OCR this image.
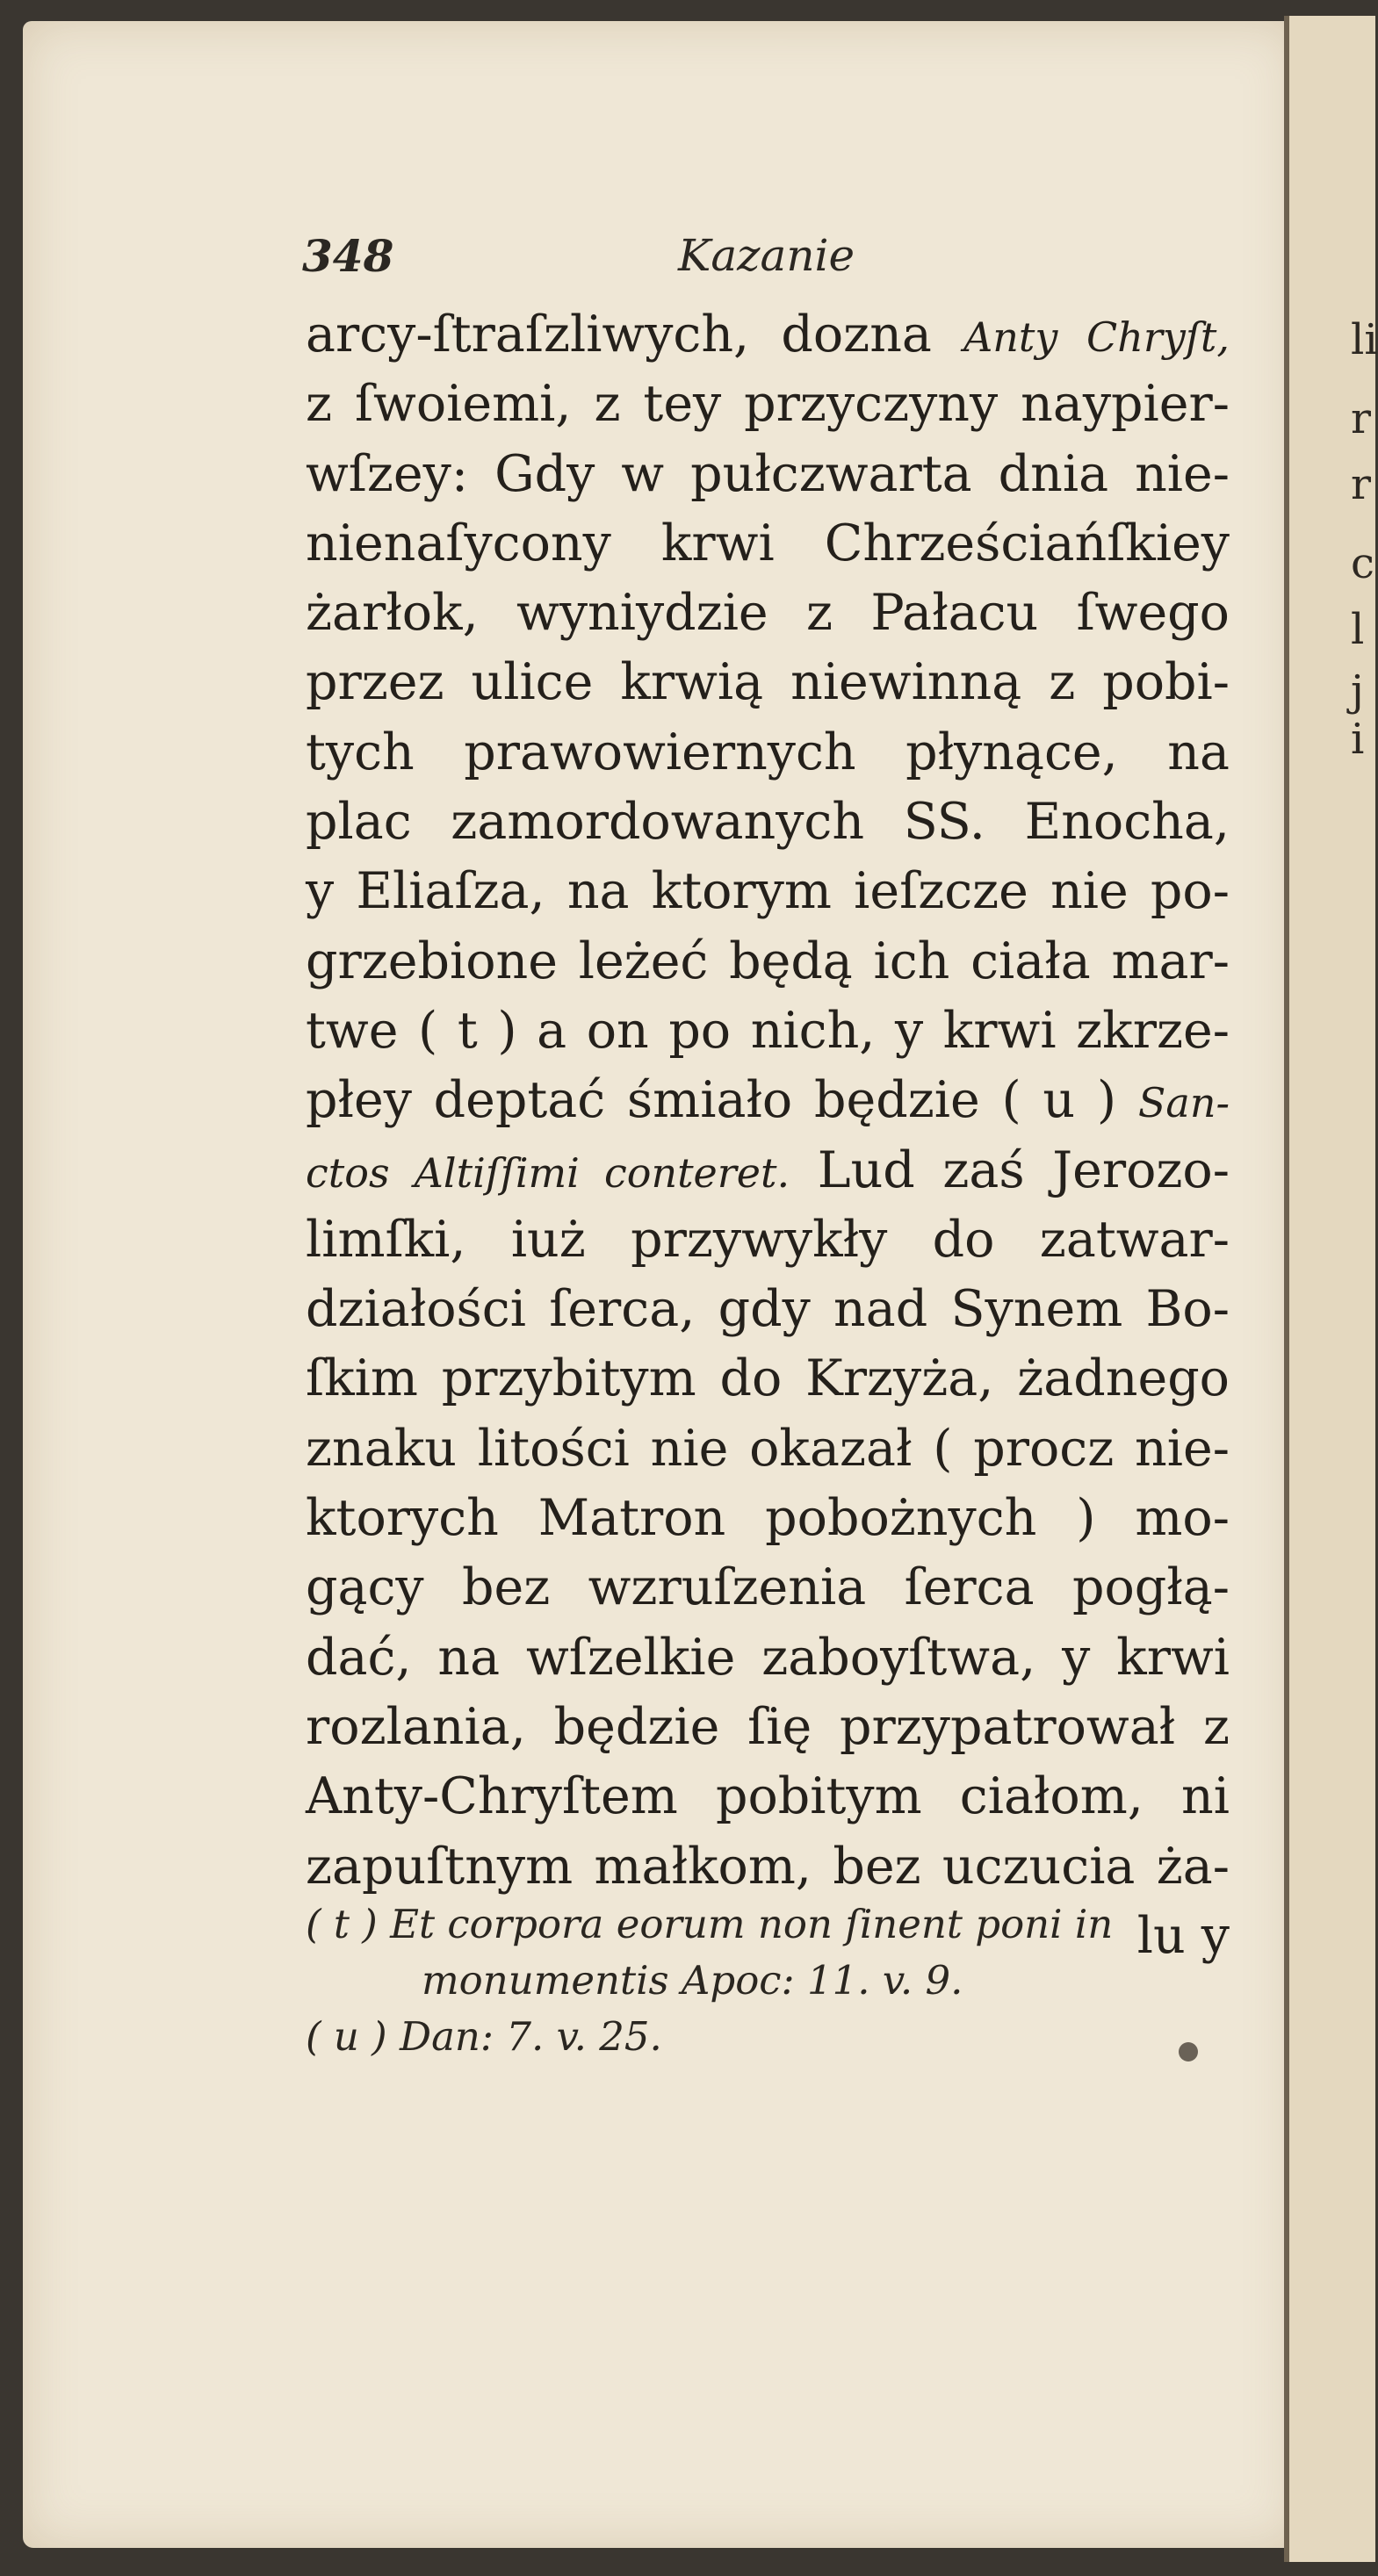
348	Kazanie
arcy-ſtraſzliwych, dozna Anty Chryſt,
z ſwoiemi, z tey przyczyny naypier-
wſzey: Gdy w pułczwarta dnia nie-
nienaſycony krwi Chrześciańſkiey
żarłok, wyniydzie z Pałacu ſwego
przez ulice krwią niewinną z pobi-
tych prawowiernych płynące, na
plac zamordowanych SS. Enocha,
y Eliaſza, na ktorym ieſzcze nie po-
grzebione leżeć będą ich ciała mar-
twe ( t ) a on po nich, y krwi zkrze-
płey deptać śmiało będzie ( u ) San-
ctos Altiſſimi conteret. Lud zaś Jerozo-
limſki, iuż przywykły do zatwar-
działości ſerca, gdy nad Synem Bo-
ſkim przybitym do Krzyża, żadnego
znaku litości nie okazał ( procz nie-
ktorych Matron pobożnych ) mo-
gący bez wzruſzenia ſerca pogłą-
dać, na wſzelkie zaboyſtwa, y krwi
rozlania, będzie ſię przypatrował z
Anty-Chryſtem pobitym ciałom, ni
zapuſtnym małkom, bez uczucia ża-
lu y
( t ) Et corpora eorum non ſinent poni in
monumentis Apoc: 11. v. 9.
( u ) Dan: 7. v. 25.
li
r
r
c
l
j
i
